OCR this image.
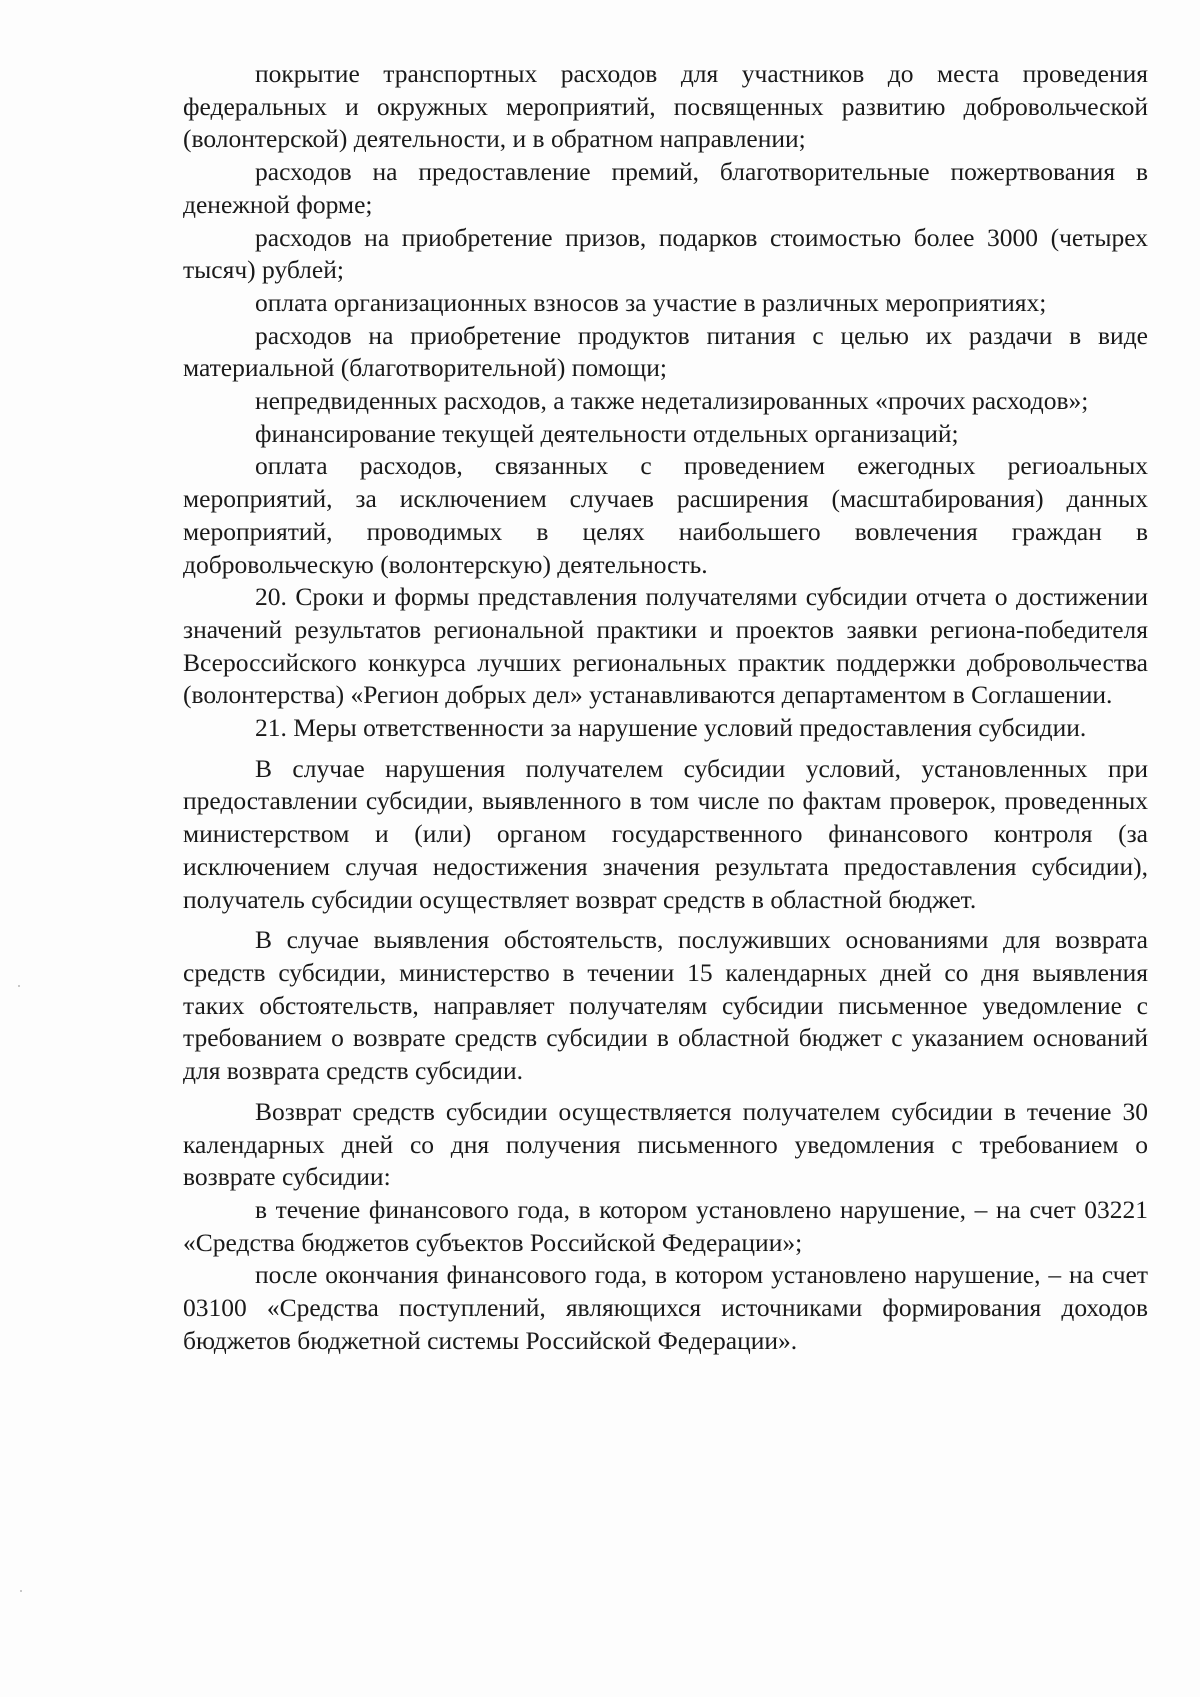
покрытие транспортных расходов для участников до места проведения федеральных и окружных мероприятий, посвященных развитию добровольческой (волонтерской) деятельности, и в обратном направлении;

расходов на предоставление премий, благотворительные пожертвования в денежной форме;

расходов на приобретение призов, подарков стоимостью более 3000 (четырех тысяч) рублей;

оплата организационных взносов за участие в различных мероприятиях;

расходов на приобретение продуктов питания с целью их раздачи в виде материальной (благотворительной) помощи;

непредвиденных расходов, а также недетализированных «прочих расходов»;

финансирование текущей деятельности отдельных организаций;

оплата расходов, связанных с проведением ежегодных региоальных мероприятий, за исключением случаев расширения (масштабирования) данных мероприятий, проводимых в целях наибольшего вовлечения граждан в добровольческую (волонтерскую) деятельность.

20. Сроки и формы представления получателями субсидии отчета о достижении значений результатов региональной практики и проектов заявки региона-победителя Всероссийского конкурса лучших региональных практик поддержки добровольчества (волонтерства) «Регион добрых дел» устанавливаются департаментом в Соглашении.

21. Меры ответственности за нарушение условий предоставления субсидии.

В случае нарушения получателем субсидии условий, установленных при предоставлении субсидии, выявленного в том числе по фактам проверок, проведенных министерством и (или) органом государственного финансового контроля (за исключением случая недостижения значения результата предоставления субсидии), получатель субсидии осуществляет возврат средств в областной бюджет.

В случае выявления обстоятельств, послуживших основаниями для возврата средств субсидии, министерство в течении 15 календарных дней со дня выявления таких обстоятельств, направляет получателям субсидии письменное уведомление с требованием о возврате средств субсидии в областной бюджет с указанием оснований для возврата средств субсидии.

Возврат средств субсидии осуществляется получателем субсидии в течение 30 календарных дней со дня получения письменного уведомления с требованием о возврате субсидии:

в течение финансового года, в котором установлено нарушение, – на счет 03221 «Средства бюджетов субъектов Российской Федерации»;

после окончания финансового года, в котором установлено нарушение, – на счет 03100 «Средства поступлений, являющихся источниками формирования доходов бюджетов бюджетной системы Российской Федерации».
